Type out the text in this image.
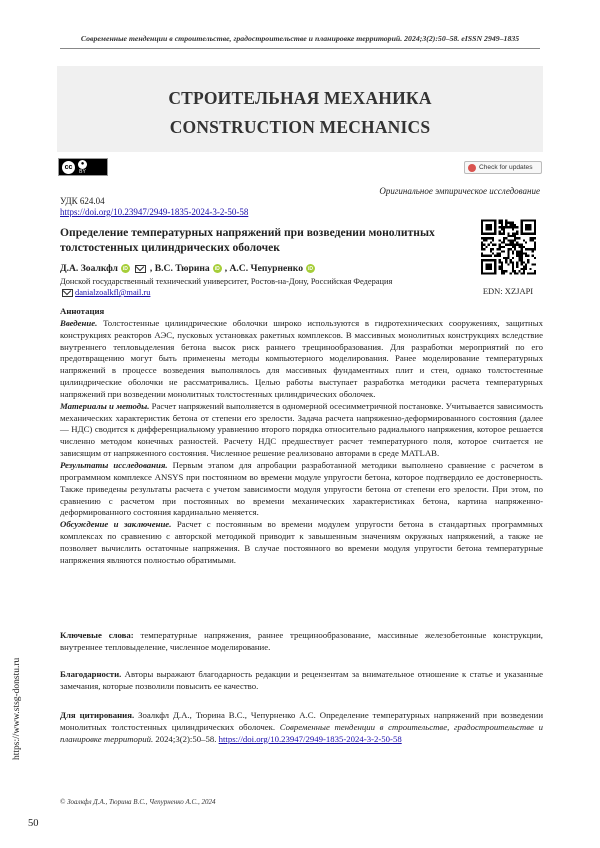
Современные тенденции в строительстве, градостроительстве и планировке территорий. 2024;3(2):50–58. eISSN 2949–1835
СТРОИТЕЛЬНАЯ МЕХАНИКА
CONSTRUCTION MECHANICS
cc	●
BY
Check for updates
Оригинальное эмпирическое исследование
УДК 624.04
https://doi.org/10.23947/2949-1835-2024-3-2-50-58
Определение температурных напряжений при возведении монолитных толстостенных цилиндрических оболочек
EDN: XZJAPI
Д.А. Зоалкфл	iD , В.С. Тюрина	iD , А.С. Чепурненко	iD
Донской государственный технический университет, Ростов-на-Дону, Российская Федерация
danialzoalkfl@mail.ru

Аннотация

Введение. Толстостенные цилиндрические оболочки широко используются в гидротехнических сооружениях, защитных конструкциях реакторов АЭС, пусковых установках ракетных комплексов. В массивных монолитных конструкциях вследствие внутреннего тепловыделения бетона высок риск раннего трещинообразования. Для разработки мероприятий по его предотвращению могут быть применены методы компьютерного моделирования. Ранее моделирование температурных напряжений в процессе возведения выполнялось для массивных фундаментных плит и стен, однако толстостенные цилиндрические оболочки не рассматривались. Целью работы выступает разработка методики расчета температурных напряжений при возведении монолитных толстостенных цилиндрических оболочек.

Материалы и методы. Расчет напряжений выполняется в одномерной осесимметричной постановке. Учитывается зависимость механических характеристик бетона от степени его зрелости. Задача расчета напряженно-деформированного состояния (далее — НДС) сводится к дифференциальному уравнению второго порядка относительно радиального напряжения, которое решается численно методом конечных разностей. Расчету НДС предшествует расчет температурного поля, которое считается не зависящим от напряженного состояния. Численное решение реализовано авторами в среде MATLAB.

Результаты исследования. Первым этапом для апробации разработанной методики выполнено сравнение с расчетом в программном комплексе ANSYS при постоянном во времени модуле упругости бетона, которое подтвердило ее достоверность. Также приведены результаты расчета с учетом зависимости модуля упругости бетона от степени его зрелости. При этом, по сравнению с расчетом при постоянных во времени механических характеристиках бетона, картина напряженно-деформированного состояния кардинально меняется.

Обсуждение и заключение. Расчет с постоянным во времени модулем упругости бетона в стандартных программных комплексах по сравнению с авторской методикой приводит к завышенным значениям окружных напряжений, а также не позволяет вычислить остаточные напряжения. В случае постоянного во времени модуля упругости бетона температурные напряжения являются полностью обратимыми.

Ключевые слова: температурные напряжения, раннее трещинообразование, массивные железобетонные конструкции, внутреннее тепловыделение, численное моделирование.
Благодарности. Авторы выражают благодарность редакции и рецензентам за внимательное отношение к статье и указанные замечания, которые позволили повысить ее качество.
Для цитирования. Зоалкфл Д.А., Тюрина В.С., Чепурненко А.С. Определение температурных напряжений при возведении монолитных толстостенных цилиндрических оболочек. Современные тенденции в строительстве, градостроительстве и планировке территорий. 2024;3(2):50–58. https://doi.org/10.23947/2949-1835-2024-3-2-50-58
https://www.stsg-donstu.ru
© Зоалкфл Д.А., Тюрина В.С., Чепурненко А.С., 2024
50
